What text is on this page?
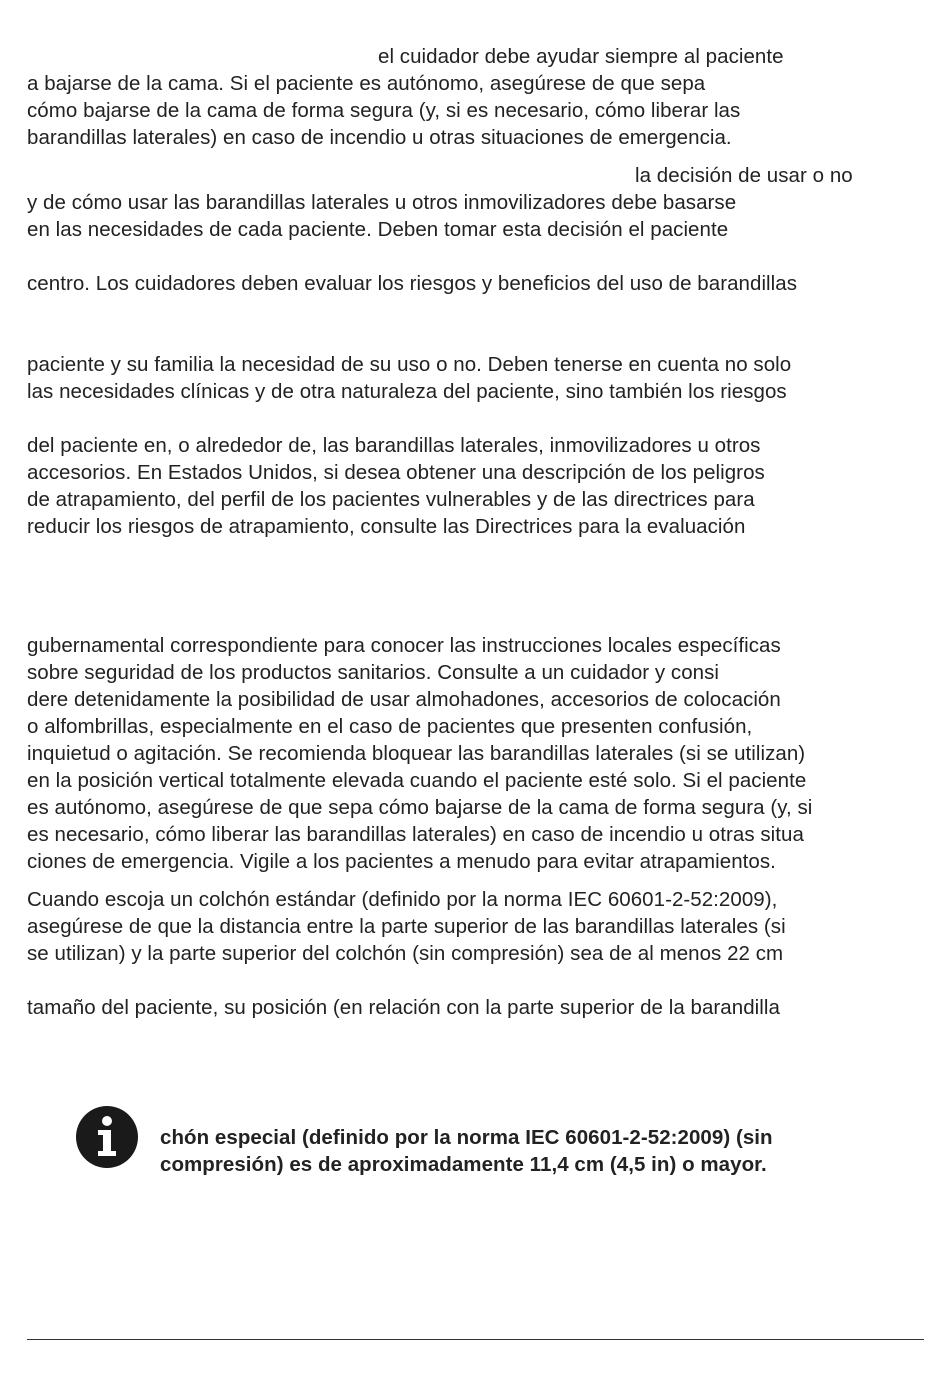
el cuidador debe ayudar siempre al paciente
a bajarse de la cama. Si el paciente es autónomo, asegúrese de que sepa
cómo bajarse de la cama de forma segura (y, si es necesario, cómo liberar las
barandillas laterales) en caso de incendio u otras situaciones de emergencia.
la decisión de usar o no
y de cómo usar las barandillas laterales u otros inmovilizadores debe basarse
en las necesidades de cada paciente. Deben tomar esta decisión el paciente
centro. Los cuidadores deben evaluar los riesgos y beneficios del uso de barandillas
paciente y su familia la necesidad de su uso o no. Deben tenerse en cuenta no solo
las necesidades clínicas y de otra naturaleza del paciente, sino también los riesgos
del paciente en, o alrededor de, las barandillas laterales, inmovilizadores u otros
accesorios. En Estados Unidos, si desea obtener una descripción de los peligros
de atrapamiento, del perfil de los pacientes vulnerables y de las directrices para
reducir los riesgos de atrapamiento, consulte las Directrices para la evaluación
gubernamental correspondiente para conocer las instrucciones locales específicas
sobre seguridad de los productos sanitarios. Consulte a un cuidador y consi
dere detenidamente la posibilidad de usar almohadones, accesorios de colocación
o alfombrillas, especialmente en el caso de pacientes que presenten confusión,
inquietud o agitación. Se recomienda bloquear las barandillas laterales (si se utilizan)
en la posición vertical totalmente elevada cuando el paciente esté solo. Si el paciente
es autónomo, asegúrese de que sepa cómo bajarse de la cama de forma segura (y, si
es necesario, cómo liberar las barandillas laterales) en caso de incendio u otras situa
ciones de emergencia. Vigile a los pacientes a menudo para evitar atrapamientos.
Cuando escoja un colchón estándar (definido por la norma IEC 60601-2-52:2009),
asegúrese de que la distancia entre la parte superior de las barandillas laterales (si
se utilizan) y la parte superior del colchón (sin compresión) sea de al menos 22 cm
tamaño del paciente, su posición (en relación con la parte superior de la barandilla
chón especial (definido por la norma IEC 60601-2-52:2009) (sin
compresión) es de aproximadamente 11,4 cm (4,5 in) o mayor.
